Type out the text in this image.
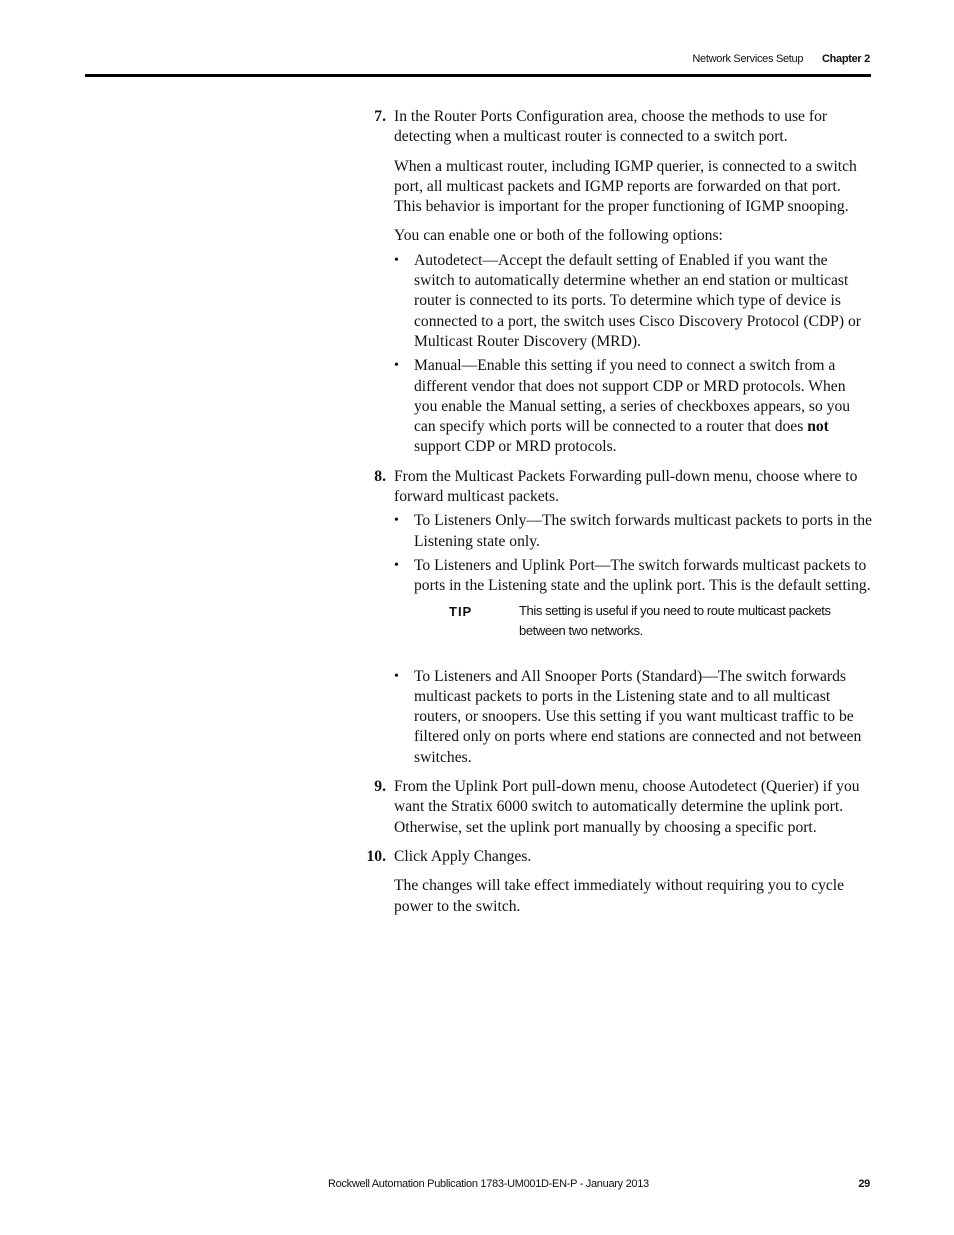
Network Services Setup Chapter 2
7. In the Router Ports Configuration area, choose the methods to use for detecting when a multicast router is connected to a switch port.

When a multicast router, including IGMP querier, is connected to a switch port, all multicast packets and IGMP reports are forwarded on that port. This behavior is important for the proper functioning of IGMP snooping.

You can enable one or both of the following options:

• Autodetect—Accept the default setting of Enabled if you want the switch to automatically determine whether an end station or multicast router is connected to its ports. To determine which type of device is connected to a port, the switch uses Cisco Discovery Protocol (CDP) or Multicast Router Discovery (MRD).
• Manual—Enable this setting if you need to connect a switch from a different vendor that does not support CDP or MRD protocols. When you enable the Manual setting, a series of checkboxes appears, so you can specify which ports will be connected to a router that does not support CDP or MRD protocols.
8. From the Multicast Packets Forwarding pull-down menu, choose where to forward multicast packets.
• To Listeners Only—The switch forwards multicast packets to ports in the Listening state only.
• To Listeners and Uplink Port—The switch forwards multicast packets to ports in the Listening state and the uplink port. This is the default setting.
TIP	This setting is useful if you need to route multicast packets between two networks.
• To Listeners and All Snooper Ports (Standard)—The switch forwards multicast packets to ports in the Listening state and to all multicast routers, or snoopers. Use this setting if you want multicast traffic to be filtered only on ports where end stations are connected and not between switches.
9. From the Uplink Port pull-down menu, choose Autodetect (Querier) if you want the Stratix 6000 switch to automatically determine the uplink port. Otherwise, set the uplink port manually by choosing a specific port.
10. Click Apply Changes.

The changes will take effect immediately without requiring you to cycle power to the switch.

Rockwell Automation Publication 1783-UM001D-EN-P - January 2013	29
